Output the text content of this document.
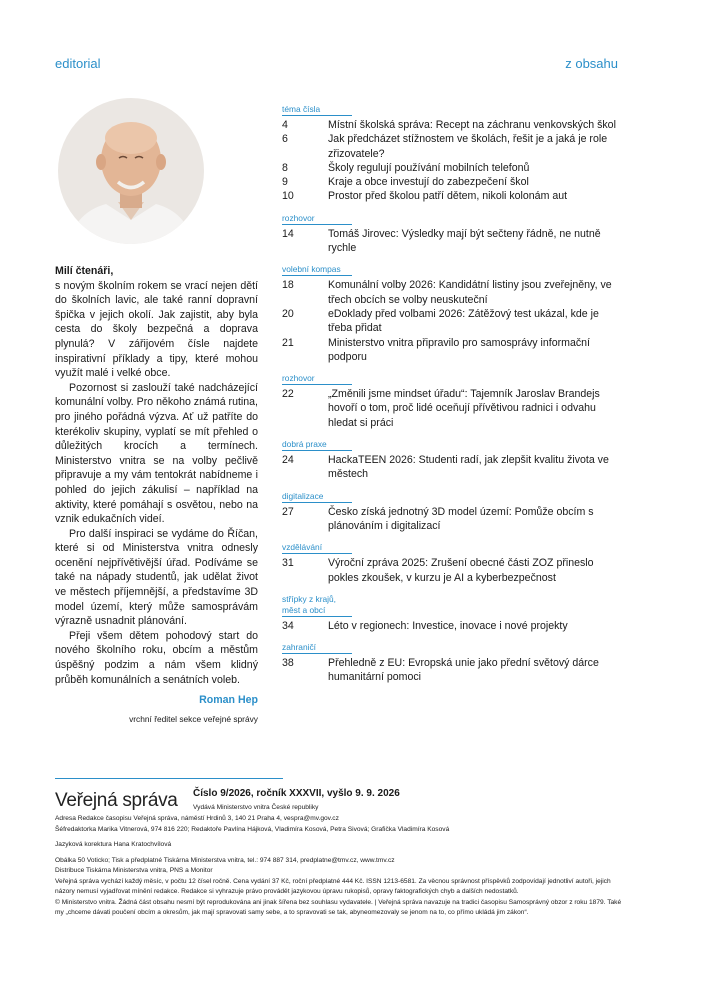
editorial	z obsahu
Milí čtenáři,

s novým školním rokem se vrací nejen dětí do školních lavic, ale také ranní dopravní špička v jejich okolí. Jak zajistit, aby byla cesta do školy bezpečná a doprava plynulá? V zářijovém čísle najdete inspirativní příklady a tipy, které mohou využít malé i velké obce.

Pozornost si zaslouží také nadcházející komunální volby. Pro někoho známá rutina, pro jiného pořádná výzva. Ať už patříte do kterékoliv skupiny, vyplatí se mít přehled o důležitých krocích a termínech. Ministerstvo vnitra se na volby pečlivě připravuje a my vám tentokrát nabídneme i pohled do jejich zákulisí – například na aktivity, které pomáhají s osvětou, nebo na vznik edukačních videí.

Pro další inspiraci se vydáme do Říčan, které si od Ministerstva vnitra odnesly ocenění nejpřívětivější úřad. Podíváme se také na nápady studentů, jak udělat život ve městech příjemnější, a představíme 3D model území, který může samosprávám výrazně usnadnit plánování.

Přeji všem dětem pohodový start do nového školního roku, obcím a městům úspěšný podzim a nám všem klidný průběh komunálních a senátních voleb.

Roman Hep
vrchní ředitel sekce veřejné správy
téma čísla
4	Místní školská správa: Recept na záchranu venkovských škol
6	Jak předcházet stížnostem ve školách, řešit je a jaká je role zřizovatele?
8	Školy regulují používání mobilních telefonů
9	Kraje a obce investují do zabezpečení škol
10	Prostor před školou patří dětem, nikoli kolonám aut
rozhovor
14	Tomáš Jirovec: Výsledky mají být sečteny řádně, ne nutně rychle
volební kompas
18	Komunální volby 2026: Kandidátní listiny jsou zveřejněny, ve třech obcích se volby neuskuteční
20	eDoklady před volbami 2026: Zátěžový test ukázal, kde je třeba přidat
21	Ministerstvo vnitra připravilo pro samosprávy informační podporu
rozhovor
22	„Změnili jsme mindset úřadu“: Tajemník Jaroslav Brandejs hovoří o tom, proč lidé oceňují přívětivou radnici i odvahu hledat si práci
dobrá praxe
24	HackaTEEN 2026: Studenti radí, jak zlepšit kvalitu života ve městech
digitalizace
27	Česko získá jednotný 3D model území: Pomůže obcím s plánováním i digitalizací
vzdělávání
31	Výroční zpráva 2025: Zrušení obecné části ZOZ přineslo pokles zkoušek, v kurzu je AI a kyberbezpečnost
střípky z krajů, měst a obcí
34	Léto v regionech: Investice, inovace i nové projekty
zahraničí
38	Přehledně z EU: Evropská unie jako přední světový dárce humanitární pomoci
Veřejná správa Číslo 9/2026, ročník XXXVII, vyšlo 9. 9. 2026
Vydává Ministerstvo vnitra České republiky
Adresa Redakce časopisu Veřejná správa, náměstí Hrdinů 3, 140 21 Praha 4, vespra@mv.gov.cz
Šéfredaktorka Marika Vitnerová, 974 816 220; Redaktoře Pavlína Hájková, Vladimíra Kosová, Petra Sivová; Grafička Vladimíra Kosová
Jazyková korektura Hana Kratochvílová
Obálka 50 Voticko; Tisk a předplatné Tiskárna Ministerstva vnitra, tel.: 974 887 314, predplatne@tmv.cz, www.tmv.cz
Distribuce Tiskárna Ministerstva vnitra, PNS a Monitor
Veřejná správa vychází každý měsíc, v počtu 12 čísel ročně. Cena vydání 37 Kč, roční předplatné 444 Kč. ISSN 1213-6581. Za věcnou správnost příspěvků zodpovídají jednotliví autoři, jejich názory nemusí vyjadřovat mínění redakce. Redakce si vyhrazuje právo provádět jazykovou úpravu rukopisů, opravy faktografických chyb a dalších nedostatků.
© Ministerstvo vnitra. Žádná část obsahu nesmí být reprodukována ani jinak šířena bez souhlasu vydavatele. | Veřejná správa navazuje na tradici časopisu Samosprávný obzor z roku 1879. Také my „chceme dávati poučení obcím a okresům, jak mají spravovati samy sebe, a to spravovati se tak, abyneomezovaly se jenom na to, co přímo ukládá jim zákon“.
